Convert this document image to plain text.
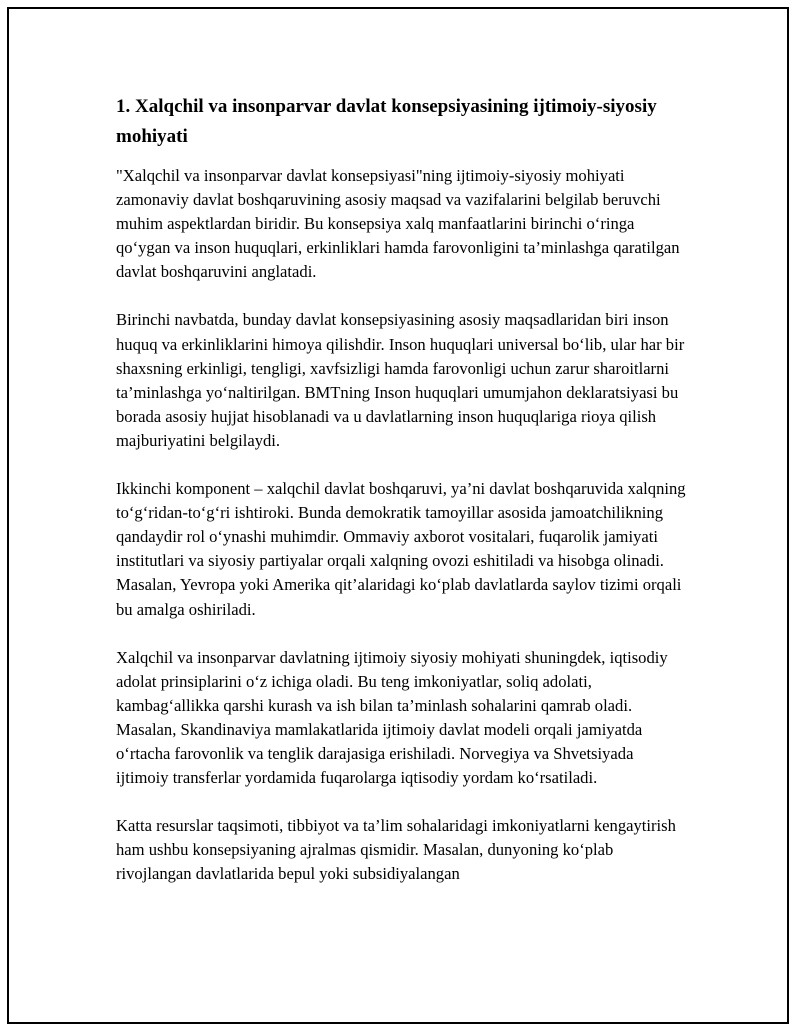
1. Xalqchil va insonparvar davlat konsepsiyasining ijtimoiy-siyosiy mohiyati

"Xalqchil va insonparvar davlat konsepsiyasi"ning ijtimoiy-siyosiy mohiyati zamonaviy davlat boshqaruvining asosiy maqsad va vazifalarini belgilab beruvchi muhim aspektlardan biridir. Bu konsepsiya xalq manfaatlarini birinchi o‘ringa qo‘ygan va inson huquqlari, erkinliklari hamda farovonligini ta’minlashga qaratilgan davlat boshqaruvini anglatadi.

Birinchi navbatda, bunday davlat konsepsiyasining asosiy maqsadlaridan biri inson huquq va erkinliklarini himoya qilishdir. Inson huquqlari universal bo‘lib, ular har bir shaxsning erkinligi, tengligi, xavfsizligi hamda farovonligi uchun zarur sharoitlarni ta’minlashga yo‘naltirilgan. BMTning Inson huquqlari umumjahon deklaratsiyasi bu borada asosiy hujjat hisoblanadi va u davlatlarning inson huquqlariga rioya qilish majburiyatini belgilaydi.

Ikkinchi komponent – xalqchil davlat boshqaruvi, ya’ni davlat boshqaruvida xalqning to‘g‘ridan-to‘g‘ri ishtiroki. Bunda demokratik tamoyillar asosida jamoatchilikning qandaydir rol o‘ynashi muhimdir. Ommaviy axborot vositalari, fuqarolik jamiyati institutlari va siyosiy partiyalar orqali xalqning ovozi eshitiladi va hisobga olinadi. Masalan, Yevropa yoki Amerika qit’alaridagi ko‘plab davlatlarda saylov tizimi orqali bu amalga oshiriladi.

Xalqchil va insonparvar davlatning ijtimoiy siyosiy mohiyati shuningdek, iqtisodiy adolat prinsiplarini o‘z ichiga oladi. Bu teng imkoniyatlar, soliq adolati, kambag‘allikka qarshi kurash va ish bilan ta’minlash sohalarini qamrab oladi. Masalan, Skandinaviya mamlakatlarida ijtimoiy davlat modeli orqali jamiyatda o‘rtacha farovonlik va tenglik darajasiga erishiladi. Norvegiya va Shvetsiyada ijtimoiy transferlar yordamida fuqarolarga iqtisodiy yordam ko‘rsatiladi.

Katta resurslar taqsimoti, tibbiyot va ta’lim sohalaridagi imkoniyatlarni kengaytirish ham ushbu konsepsiyaning ajralmas qismidir. Masalan, dunyoning ko‘plab rivojlangan davlatlarida bepul yoki subsidiyalangan
